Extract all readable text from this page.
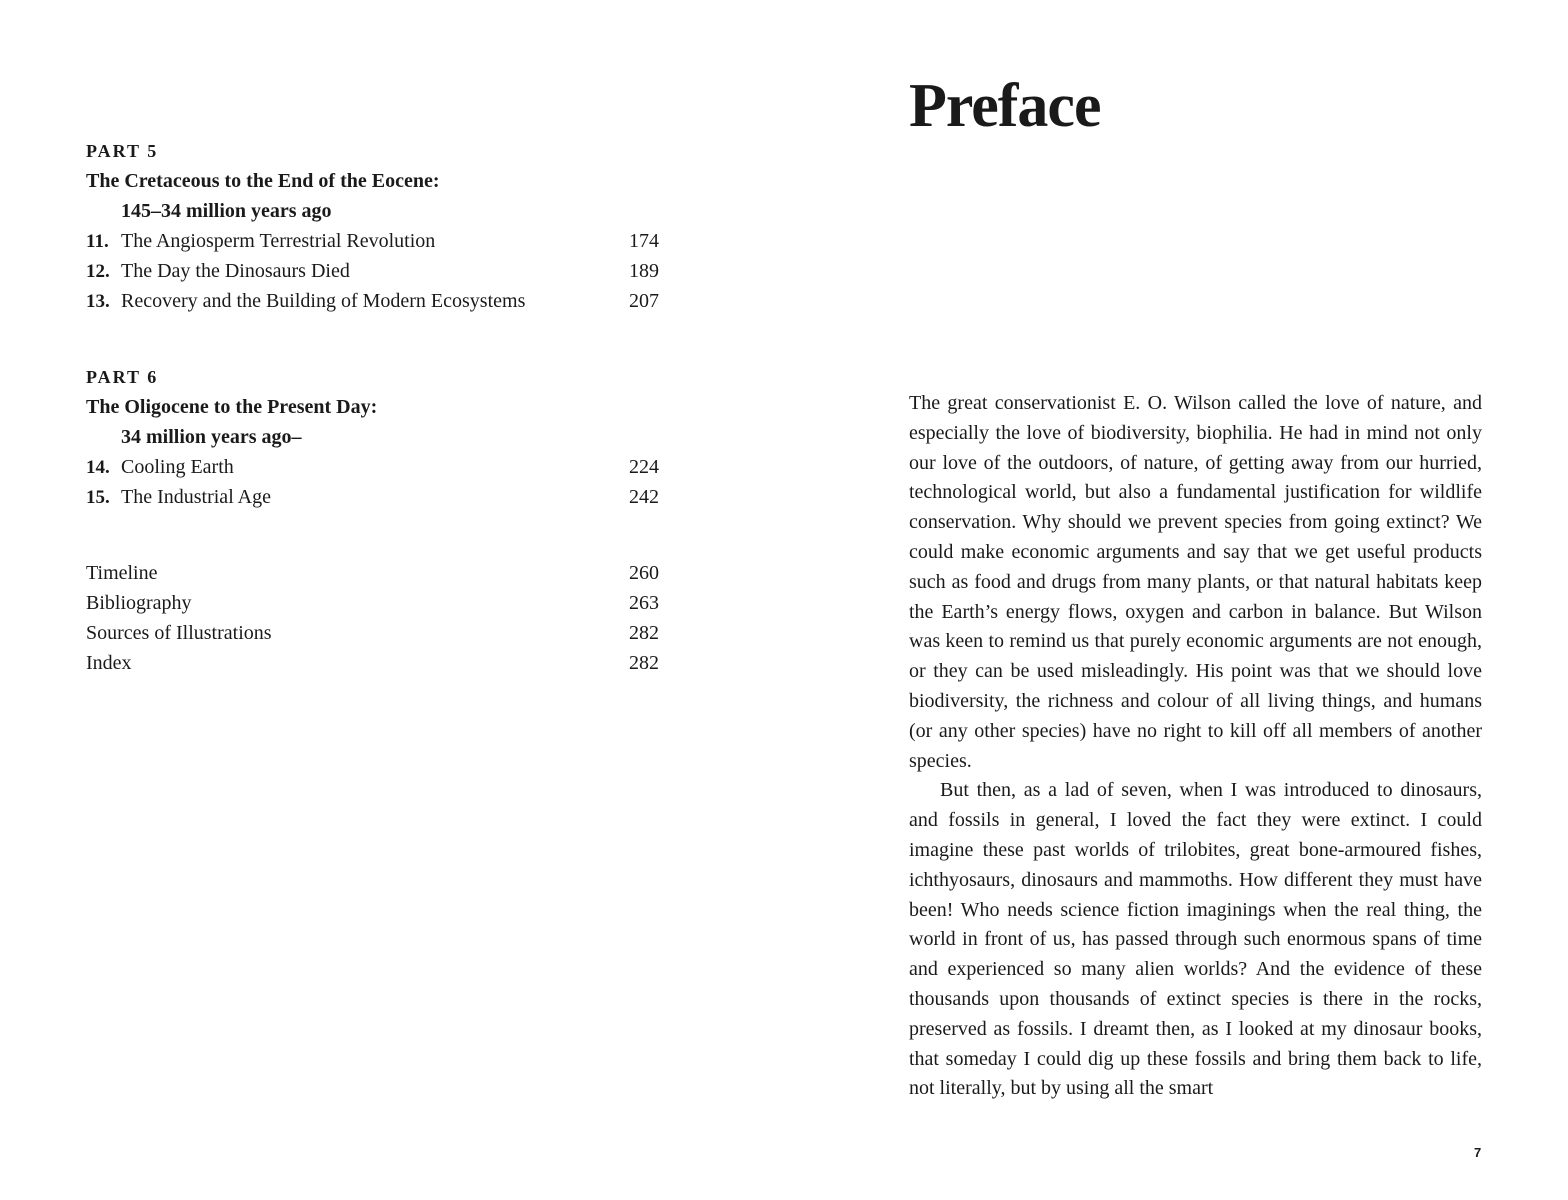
PART 5
The Cretaceous to the End of the Eocene:
145–34 million years ago
11. The Angiosperm Terrestrial Revolution	174
12. The Day the Dinosaurs Died	189
13. Recovery and the Building of Modern Ecosystems	207
PART 6
The Oligocene to the Present Day:
34 million years ago–
14. Cooling Earth	224
15. The Industrial Age	242
Timeline	260
Bibliography	263
Sources of Illustrations	282
Index	282
Preface

The great conservationist E. O. Wilson called the love of nature, and especially the love of biodiversity, biophilia. He had in mind not only our love of the outdoors, of nature, of getting away from our hurried, technological world, but also a fundamental justification for wildlife conservation. Why should we prevent species from going extinct? We could make economic arguments and say that we get useful products such as food and drugs from many plants, or that natural habitats keep the Earth’s energy flows, oxygen and carbon in balance. But Wilson was keen to remind us that purely economic arguments are not enough, or they can be used misleadingly. His point was that we should love biodiversity, the richness and colour of all living things, and humans (or any other species) have no right to kill off all members of another species.

But then, as a lad of seven, when I was introduced to dinosaurs, and fossils in general, I loved the fact they were extinct. I could imagine these past worlds of trilobites, great bone-armoured fishes, ichthyosaurs, dinosaurs and mammoths. How different they must have been! Who needs science fiction imaginings when the real thing, the world in front of us, has passed through such enormous spans of time and experienced so many alien worlds? And the evidence of these thousands upon thousands of extinct species is there in the rocks, preserved as fossils. I dreamt then, as I looked at my dinosaur books, that someday I could dig up these fossils and bring them back to life, not literally, but by using all the smart

7
